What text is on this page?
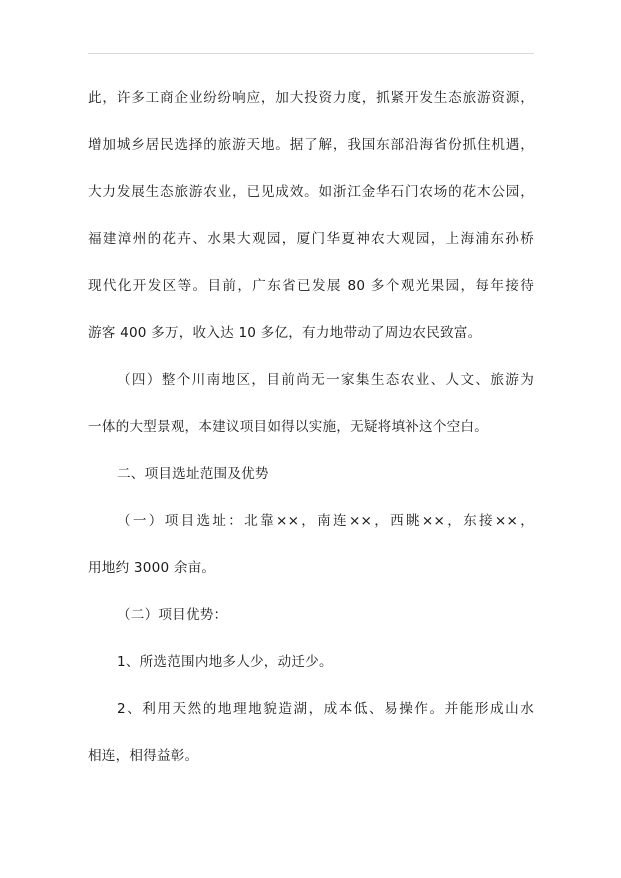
此，许多工商企业纷纷响应，加大投资力度，抓紧开发生态旅游资源，
增加城乡居民选择的旅游天地。据了解，我国东部沿海省份抓住机遇，
大力发展生态旅游农业，已见成效。如浙江金华石门农场的花木公园，
福建漳州的花卉、水果大观园，厦门华夏神农大观园，上海浦东孙桥
现代化开发区等。目前，广东省已发展 80 多个观光果园，每年接待
游客 400 多万，收入达 10 多亿，有力地带动了周边农民致富。
（四）整个川南地区，目前尚无一家集生态农业、人文、旅游为
一体的大型景观，本建议项目如得以实施，无疑将填补这个空白。
二、项目选址范围及优势
（一）项目选址：北靠××，南连××，西眺××，东接××，
用地约 3000 余亩。
（二）项目优势：
1、所选范围内地多人少，动迁少。
2、利用天然的地理地貌造湖，成本低、易操作。并能形成山水
相连，相得益彰。
